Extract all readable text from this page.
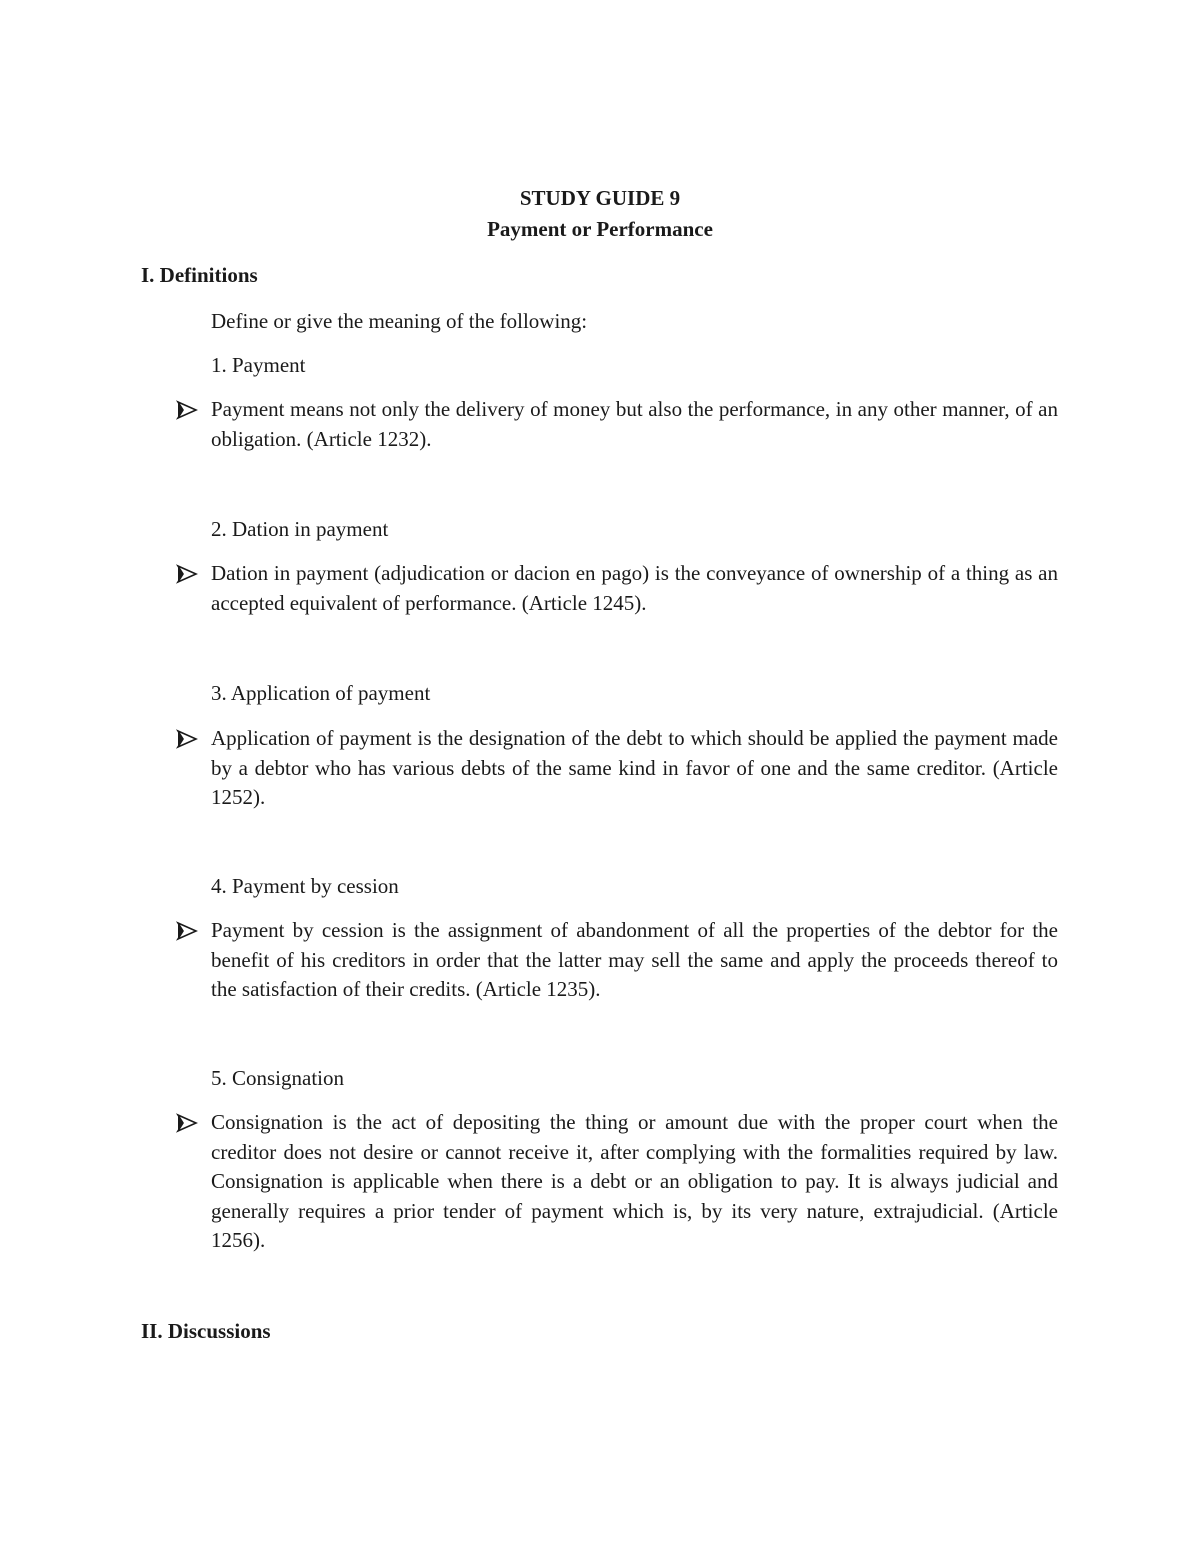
STUDY GUIDE 9
Payment or Performance
I. Definitions
Define or give the meaning of the following:
1. Payment
Payment means not only the delivery of money but also the performance, in any other manner, of an obligation. (Article 1232).
2. Dation in payment
Dation in payment (adjudication or dacion en pago) is the conveyance of ownership of a thing as an accepted equivalent of performance. (Article 1245).
3. Application of payment
Application of payment is the designation of the debt to which should be applied the payment made by a debtor who has various debts of the same kind in favor of one and the same creditor. (Article 1252).
4. Payment by cession
Payment by cession is the assignment of abandonment of all the properties of the debtor for the benefit of his creditors in order that the latter may sell the same and apply the proceeds thereof to the satisfaction of their credits. (Article 1235).
5. Consignation
Consignation is the act of depositing the thing or amount due with the proper court when the creditor does not desire or cannot receive it, after complying with the formalities required by law. Consignation is applicable when there is a debt or an obligation to pay. It is always judicial and generally requires a prior tender of payment which is, by its very nature, extrajudicial. (Article 1256).
II. Discussions
